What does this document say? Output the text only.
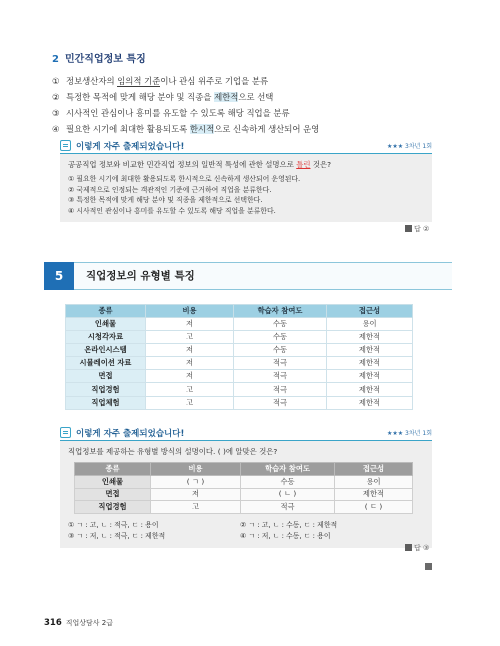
2 민간직업정보 특징
① 정보생산자의 임의적 기준이나 관심 위주로 기업을 분류
② 특정한 목적에 맞게 해당 분야 및 직종을 제한적으로 선택
③ 시사적인 관심이나 흥미를 유도할 수 있도록 해당 직업을 분류
④ 필요한 시기에 최대한 활용되도록 한시적으로 신속하게 생산되어 운영
이렇게 자주 출제되었습니다!	★★★ 3차년 1회
공공직업 정보와 비교한 민간직업 정보의 일반적 특성에 관한 설명으로 틀린 것은?
① 필요한 시기에 최대한 활용되도록 한시적으로 신속하게 생산되어 운영된다.
② 국제적으로 인정되는 객관적인 기준에 근거하여 직업을 분류한다.
③ 특정한 목적에 맞게 해당 분야 및 직종을 제한적으로 선택한다.
④ 시사적인 관심이나 흥미를 유도할 수 있도록 해당 직업을 분류한다.
답 ②
5	직업정보의 유형별 특징
종류	비용	학습자 참여도	접근성
인쇄물	저	수동	용이
시청각자료	고	수동	제한적
온라인시스템	저	수동	제한적
시뮬레이션 자료	저	적극	제한적
면접	저	적극	제한적
직업경험	고	적극	제한적
직업체험	고	적극	제한적
이렇게 자주 출제되었습니다!	★★★ 3차년 1회
직업정보를 제공하는 유형별 방식의 설명이다. ( )에 알맞은 것은?
종류	비용	학습자 참여도	접근성
인쇄물	( ㄱ )	수동	용이
면접	저	( ㄴ )	제한적
직업경험	고	적극	( ㄷ )
① ㄱ : 고, ㄴ : 적극, ㄷ : 용이	② ㄱ : 고, ㄴ : 수동, ㄷ : 제한적
③ ㄱ : 저, ㄴ : 적극, ㄷ : 제한적	④ ㄱ : 저, ㄴ : 수동, ㄷ : 용이
답 ③
316 직업상담사 2급
